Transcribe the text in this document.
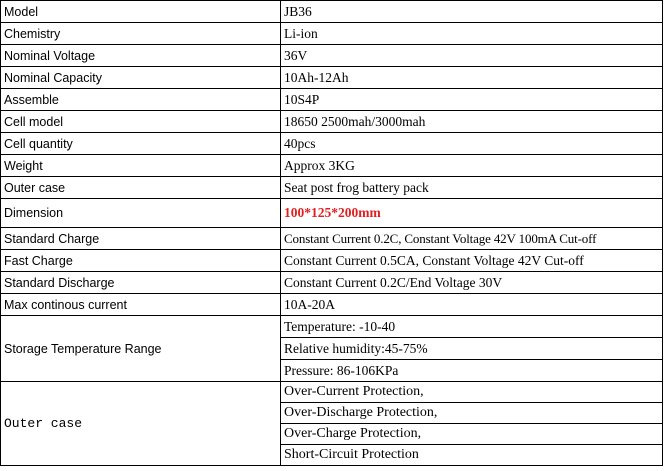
Model	JB36
Chemistry	Li-ion
Nominal Voltage	36V
Nominal Capacity	10Ah-12Ah
Assemble	10S4P
Cell model	18650 2500mah/3000mah
Cell quantity	40pcs
Weight	Approx 3KG
Outer case	Seat post frog battery pack
Dimension	100*125*200mm
Standard Charge	Constant Current 0.2C, Constant Voltage 42V 100mA Cut-off
Fast Charge	Constant Current 0.5CA, Constant Voltage 42V Cut-off
Standard Discharge	Constant Current 0.2C/End Voltage 30V
Max continous current	10A-20A
Storage Temperature Range	Temperature: -10-40
	Relative humidity:45-75%
	Pressure: 86-106KPa
Outer case	Over-Current Protection,
	Over-Discharge Protection,
	Over-Charge Protection,
	Short-Circuit Protection
